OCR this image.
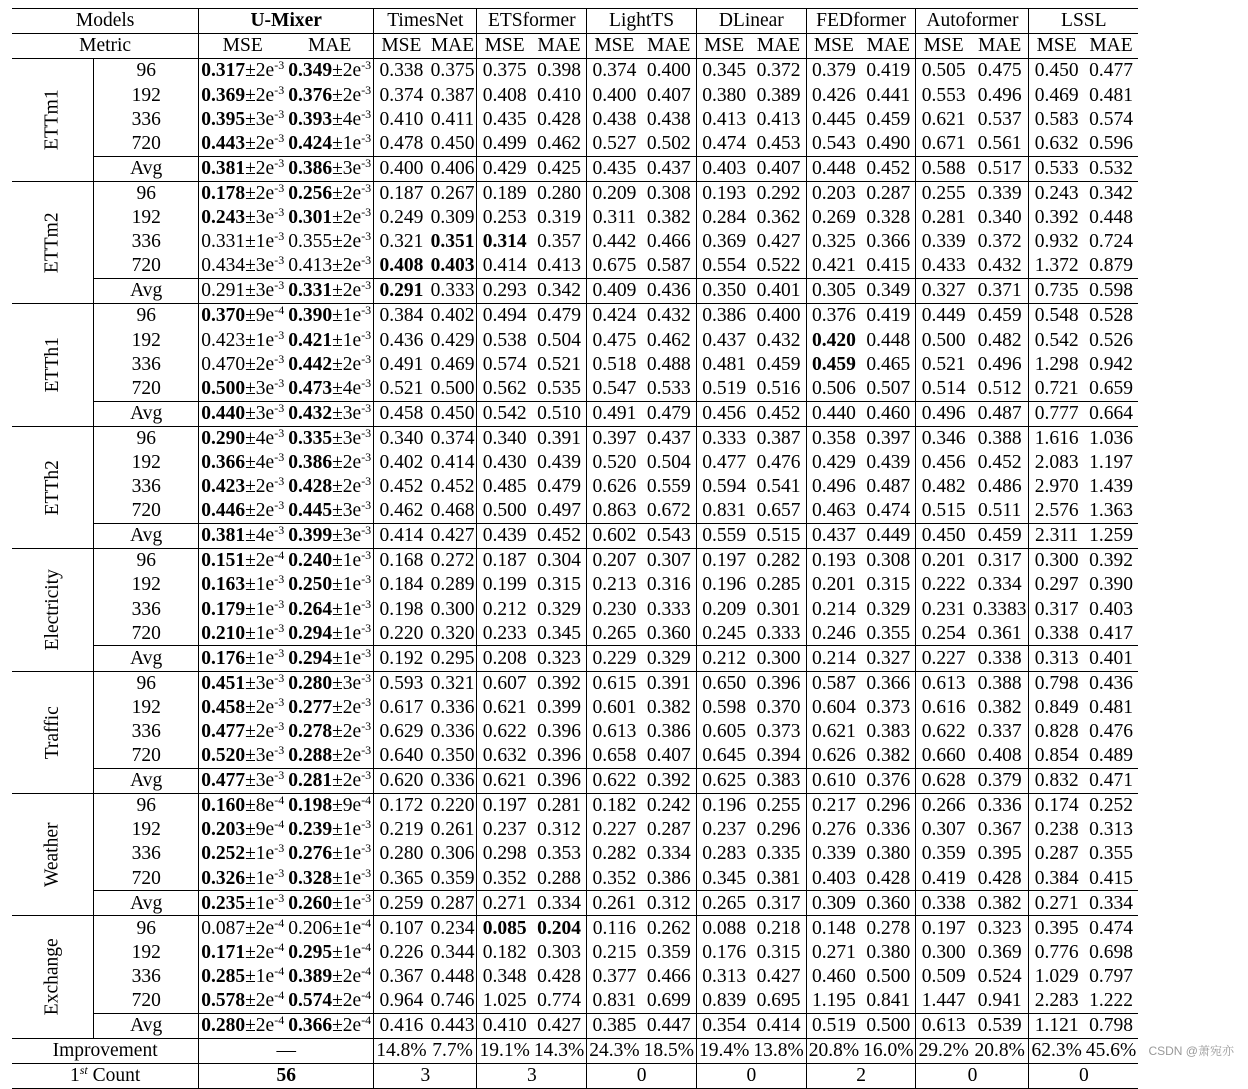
Models		U-Mixer		TimesNet		ETSformer		LightTS		DLinear		FEDformer		Autoformer		LSSL	
Metric		MSE	MAE	MSE	MAE	MSE	MAE	MSE	MAE	MSE	MAE	MSE	MAE	MSE	MAE	MSE	MAE
ETTm1	96	$0.317\pm 2e^{-3}$	$0.349\pm 2e^{-3}$	0.338	0.375	0.375	0.398	0.374	0.400	0.345	0.372	0.379	0.419	0.505	0.475	0.450	0.477
	192	$0.369\pm 2e^{-3}$	$0.376\pm 2e^{-3}$	0.374	0.387	0.408	0.410	0.400	0.407	0.380	0.389	0.426	0.441	0.553	0.496	0.469	0.481
	336	$0.395\pm 3e^{-3}$	$0.393\pm 4e^{-3}$	0.410	0.411	0.435	0.428	0.438	0.438	0.413	0.413	0.445	0.459	0.621	0.537	0.583	0.574
	720	$0.443\pm 2e^{-3}$	$0.424\pm 1e^{-3}$	0.478	0.450	0.499	0.462	0.527	0.502	0.474	0.453	0.543	0.490	0.671	0.561	0.632	0.596
	Avg	$0.381\pm 2e^{-3}$	$0.386\pm 3e^{-3}$	0.400	0.406	0.429	0.425	0.435	0.437	0.403	0.407	0.448	0.452	0.588	0.517	0.533	0.532
ETTm2	96	$0.178\pm 2e^{-3}$	$0.256\pm 2e^{-3}$	0.187	0.267	0.189	0.280	0.209	0.308	0.193	0.292	0.203	0.287	0.255	0.339	0.243	0.342
	192	$0.243\pm 3e^{-3}$	$0.301\pm 2e^{-3}$	0.249	0.309	0.253	0.319	0.311	0.382	0.284	0.362	0.269	0.328	0.281	0.340	0.392	0.448
	336	$0.331\pm 1e^{-3}$	$0.355\pm 2e^{-3}$	0.321	0.351	0.314	0.357	0.442	0.466	0.369	0.427	0.325	0.366	0.339	0.372	0.932	0.724
	720	$0.434\pm 3e^{-3}$	$0.413\pm 2e^{-3}$	0.408	0.403	0.414	0.413	0.675	0.587	0.554	0.522	0.421	0.415	0.433	0.432	1.372	0.879
	Avg	$0.291\pm 3e^{-3}$	$0.331\pm 2e^{-3}$	0.291	0.333	0.293	0.342	0.409	0.436	0.350	0.401	0.305	0.349	0.327	0.371	0.735	0.598
ETTh1	96	$0.370\pm 9e^{-4}$	$0.390\pm 1e^{-3}$	0.384	0.402	0.494	0.479	0.424	0.432	0.386	0.400	0.376	0.419	0.449	0.459	0.548	0.528
	192	$0.423\pm 1e^{-3}$	$0.421\pm 1e^{-3}$	0.436	0.429	0.538	0.504	0.475	0.462	0.437	0.432	0.420	0.448	0.500	0.482	0.542	0.526
	336	$0.470\pm 2e^{-3}$	$0.442\pm 2e^{-3}$	0.491	0.469	0.574	0.521	0.518	0.488	0.481	0.459	0.459	0.465	0.521	0.496	1.298	0.942
	720	$0.500\pm 3e^{-3}$	$0.473\pm 4e^{-3}$	0.521	0.500	0.562	0.535	0.547	0.533	0.519	0.516	0.506	0.507	0.514	0.512	0.721	0.659
	Avg	$0.440\pm 3e^{-3}$	$0.432\pm 3e^{-3}$	0.458	0.450	0.542	0.510	0.491	0.479	0.456	0.452	0.440	0.460	0.496	0.487	0.777	0.664
ETTh2	96	$0.290\pm 4e^{-3}$	$0.335\pm 3e^{-3}$	0.340	0.374	0.340	0.391	0.397	0.437	0.333	0.387	0.358	0.397	0.346	0.388	1.616	1.036
	192	$0.366\pm 4e^{-3}$	$0.386\pm 2e^{-3}$	0.402	0.414	0.430	0.439	0.520	0.504	0.477	0.476	0.429	0.439	0.456	0.452	2.083	1.197
	336	$0.423\pm 2e^{-3}$	$0.428\pm 2e^{-3}$	0.452	0.452	0.485	0.479	0.626	0.559	0.594	0.541	0.496	0.487	0.482	0.486	2.970	1.439
	720	$0.446\pm 2e^{-3}$	$0.445\pm 3e^{-3}$	0.462	0.468	0.500	0.497	0.863	0.672	0.831	0.657	0.463	0.474	0.515	0.511	2.576	1.363
	Avg	$0.381\pm 4e^{-3}$	$0.399\pm 3e^{-3}$	0.414	0.427	0.439	0.452	0.602	0.543	0.559	0.515	0.437	0.449	0.450	0.459	2.311	1.259
Electricity	96	$0.151\pm 2e^{-4}$	$0.240\pm 1e^{-3}$	0.168	0.272	0.187	0.304	0.207	0.307	0.197	0.282	0.193	0.308	0.201	0.317	0.300	0.392
	192	$0.163\pm 1e^{-3}$	$0.250\pm 1e^{-3}$	0.184	0.289	0.199	0.315	0.213	0.316	0.196	0.285	0.201	0.315	0.222	0.334	0.297	0.390
	336	$0.179\pm 1e^{-3}$	$0.264\pm 1e^{-3}$	0.198	0.300	0.212	0.329	0.230	0.333	0.209	0.301	0.214	0.329	0.231	0.3383	0.317	0.403
	720	$0.210\pm 1e^{-3}$	$0.294\pm 1e^{-3}$	0.220	0.320	0.233	0.345	0.265	0.360	0.245	0.333	0.246	0.355	0.254	0.361	0.338	0.417
	Avg	$0.176\pm 1e^{-3}$	$0.294\pm 1e^{-3}$	0.192	0.295	0.208	0.323	0.229	0.329	0.212	0.300	0.214	0.327	0.227	0.338	0.313	0.401
Traffic	96	$0.451\pm 3e^{-3}$	$0.280\pm 3e^{-3}$	0.593	0.321	0.607	0.392	0.615	0.391	0.650	0.396	0.587	0.366	0.613	0.388	0.798	0.436
	192	$0.458\pm 2e^{-3}$	$0.277\pm 2e^{-3}$	0.617	0.336	0.621	0.399	0.601	0.382	0.598	0.370	0.604	0.373	0.616	0.382	0.849	0.481
	336	$0.477\pm 2e^{-3}$	$0.278\pm 2e^{-3}$	0.629	0.336	0.622	0.396	0.613	0.386	0.605	0.373	0.621	0.383	0.622	0.337	0.828	0.476
	720	$0.520\pm 3e^{-3}$	$0.288\pm 2e^{-3}$	0.640	0.350	0.632	0.396	0.658	0.407	0.645	0.394	0.626	0.382	0.660	0.408	0.854	0.489
	Avg	$0.477\pm 3e^{-3}$	$0.281\pm 2e^{-3}$	0.620	0.336	0.621	0.396	0.622	0.392	0.625	0.383	0.610	0.376	0.628	0.379	0.832	0.471
Weather	96	$0.160\pm 8e^{-4}$	$0.198\pm 9e^{-4}$	0.172	0.220	0.197	0.281	0.182	0.242	0.196	0.255	0.217	0.296	0.266	0.336	0.174	0.252
	192	$0.203\pm 9e^{-4}$	$0.239\pm 1e^{-3}$	0.219	0.261	0.237	0.312	0.227	0.287	0.237	0.296	0.276	0.336	0.307	0.367	0.238	0.313
	336	$0.252\pm 1e^{-3}$	$0.276\pm 1e^{-3}$	0.280	0.306	0.298	0.353	0.282	0.334	0.283	0.335	0.339	0.380	0.359	0.395	0.287	0.355
	720	$0.326\pm 1e^{-3}$	$0.328\pm 1e^{-3}$	0.365	0.359	0.352	0.288	0.352	0.386	0.345	0.381	0.403	0.428	0.419	0.428	0.384	0.415
	Avg	$0.235\pm 1e^{-3}$	$0.260\pm 1e^{-3}$	0.259	0.287	0.271	0.334	0.261	0.312	0.265	0.317	0.309	0.360	0.338	0.382	0.271	0.334
Exchange	96	$0.087\pm 2e^{-4}$	$0.206\pm 1e^{-4}$	0.107	0.234	0.085	0.204	0.116	0.262	0.088	0.218	0.148	0.278	0.197	0.323	0.395	0.474
	192	$0.171\pm 2e^{-4}$	$0.295\pm 1e^{-4}$	0.226	0.344	0.182	0.303	0.215	0.359	0.176	0.315	0.271	0.380	0.300	0.369	0.776	0.698
	336	$0.285\pm 1e^{-4}$	$0.389\pm 2e^{-4}$	0.367	0.448	0.348	0.428	0.377	0.466	0.313	0.427	0.460	0.500	0.509	0.524	1.029	0.797
	720	$0.578\pm 2e^{-4}$	$0.574\pm 2e^{-4}$	0.964	0.746	1.025	0.774	0.831	0.699	0.839	0.695	1.195	0.841	1.447	0.941	2.283	1.222
	Avg	$0.280\pm 2e^{-4}$	$0.366\pm 2e^{-4}$	0.416	0.443	0.410	0.427	0.385	0.447	0.354	0.414	0.519	0.500	0.613	0.539	1.121	0.798
Improvement		—		14.8%	7.7%	19.1%	14.3%	24.3%	18.5%	19.4%	13.8%	20.8%	16.0%	29.2%	20.8%	62.3%	45.6%
1st Count		56		3		3		0		0		2		0		0	
CSDN @萧宛亦
